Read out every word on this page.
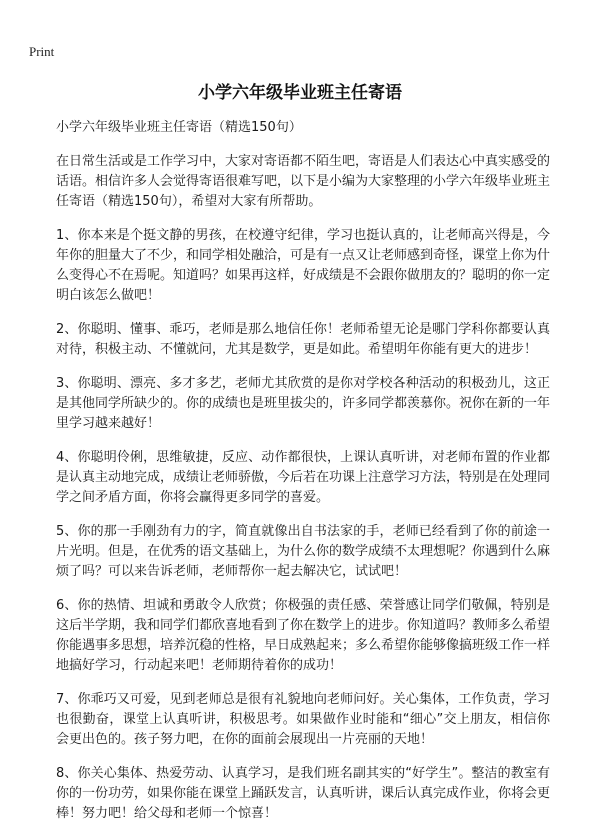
Print
小学六年级毕业班主任寄语

小学六年级毕业班主任寄语（精选150句）

在日常生活或是工作学习中，大家对寄语都不陌生吧，寄语是人们表达心中真实感受的话语。相信许多人会觉得寄语很难写吧，以下是小编为大家整理的小学六年级毕业班主任寄语（精选150句），希望对大家有所帮助。

1、你本来是个挺文静的男孩，在校遵守纪律，学习也挺认真的，让老师高兴得是，今年你的胆量大了不少，和同学相处融洽，可是有一点又让老师感到奇怪，课堂上你为什么变得心不在焉呢。知道吗？如果再这样，好成绩是不会跟你做朋友的？聪明的你一定明白该怎么做吧！

2、你聪明、懂事、乖巧，老师是那么地信任你！老师希望无论是哪门学科你都要认真对待，积极主动、不懂就问，尤其是数学，更是如此。希望明年你能有更大的进步！

3、你聪明、漂亮、多才多艺，老师尤其欣赏的是你对学校各种活动的积极劲儿，这正是其他同学所缺少的。你的成绩也是班里拔尖的，许多同学都羡慕你。祝你在新的一年里学习越来越好！

4、你聪明伶俐，思维敏捷，反应、动作都很快，上课认真听讲，对老师布置的作业都是认真主动地完成，成绩让老师骄傲，今后若在功课上注意学习方法，特别是在处理同学之间矛盾方面，你将会赢得更多同学的喜爱。

5、你的那一手刚劲有力的字，简直就像出自书法家的手，老师已经看到了你的前途一片光明。但是，在优秀的语文基础上，为什么你的数学成绩不太理想呢？你遇到什么麻烦了吗？可以来告诉老师，老师帮你一起去解决它，试试吧！

6、你的热情、坦诚和勇敢令人欣赏；你极强的责任感、荣誉感让同学们敬佩，特别是这后半学期，我和同学们都欣喜地看到了你在数学上的进步。你知道吗？教师多么希望你能遇事多思想，培养沉稳的性格，早日成熟起来；多么希望你能够像搞班级工作一样地搞好学习，行动起来吧！老师期待着你的成功！

7、你乖巧又可爱，见到老师总是很有礼貌地向老师问好。关心集体，工作负责，学习也很勤奋，课堂上认真听讲，积极思考。如果做作业时能和“细心”交上朋友，相信你会更出色的。孩子努力吧，在你的面前会展现出一片亮丽的天地！

8、你关心集体、热爱劳动、认真学习，是我们班名副其实的“好学生”。整洁的教室有你的一份功劳，如果你能在课堂上踊跃发言，认真听讲，课后认真完成作业，你将会更棒！努力吧！给父母和老师一个惊喜！
